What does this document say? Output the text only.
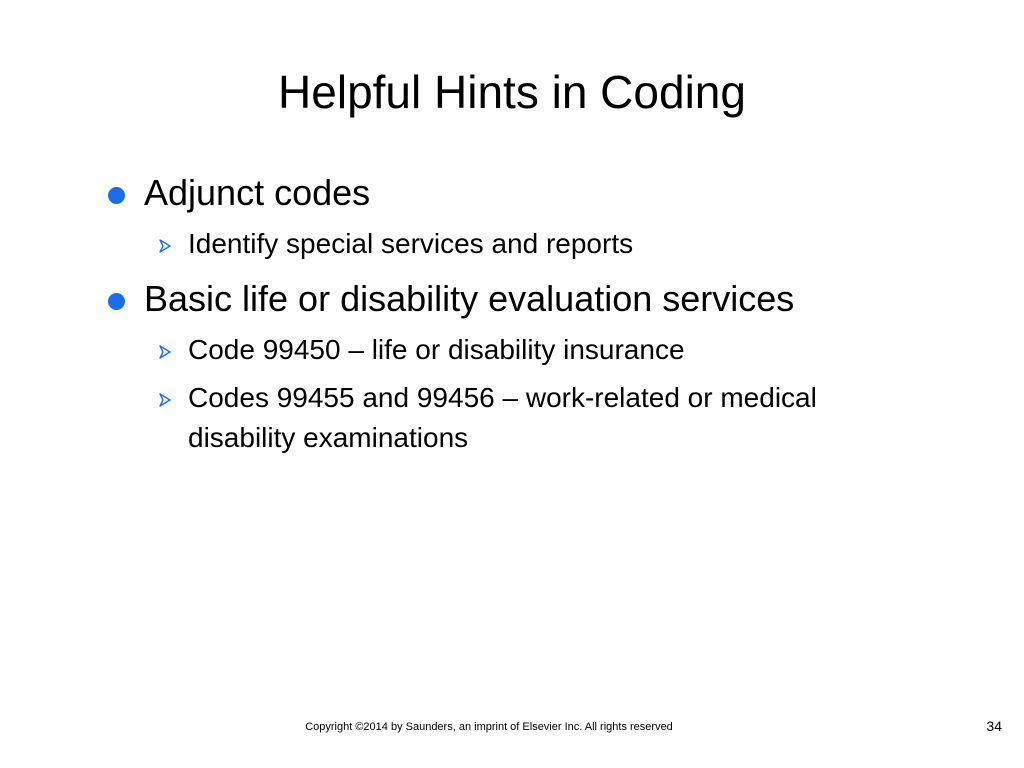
Helpful Hints in Coding
Adjunct codes
Identify special services and reports
Basic life or disability evaluation services
Code 99450 – life or disability insurance
Codes 99455 and 99456 – work-related or medical disability examinations
Copyright ©2014 by Saunders, an imprint of Elsevier Inc. All rights reserved	34
